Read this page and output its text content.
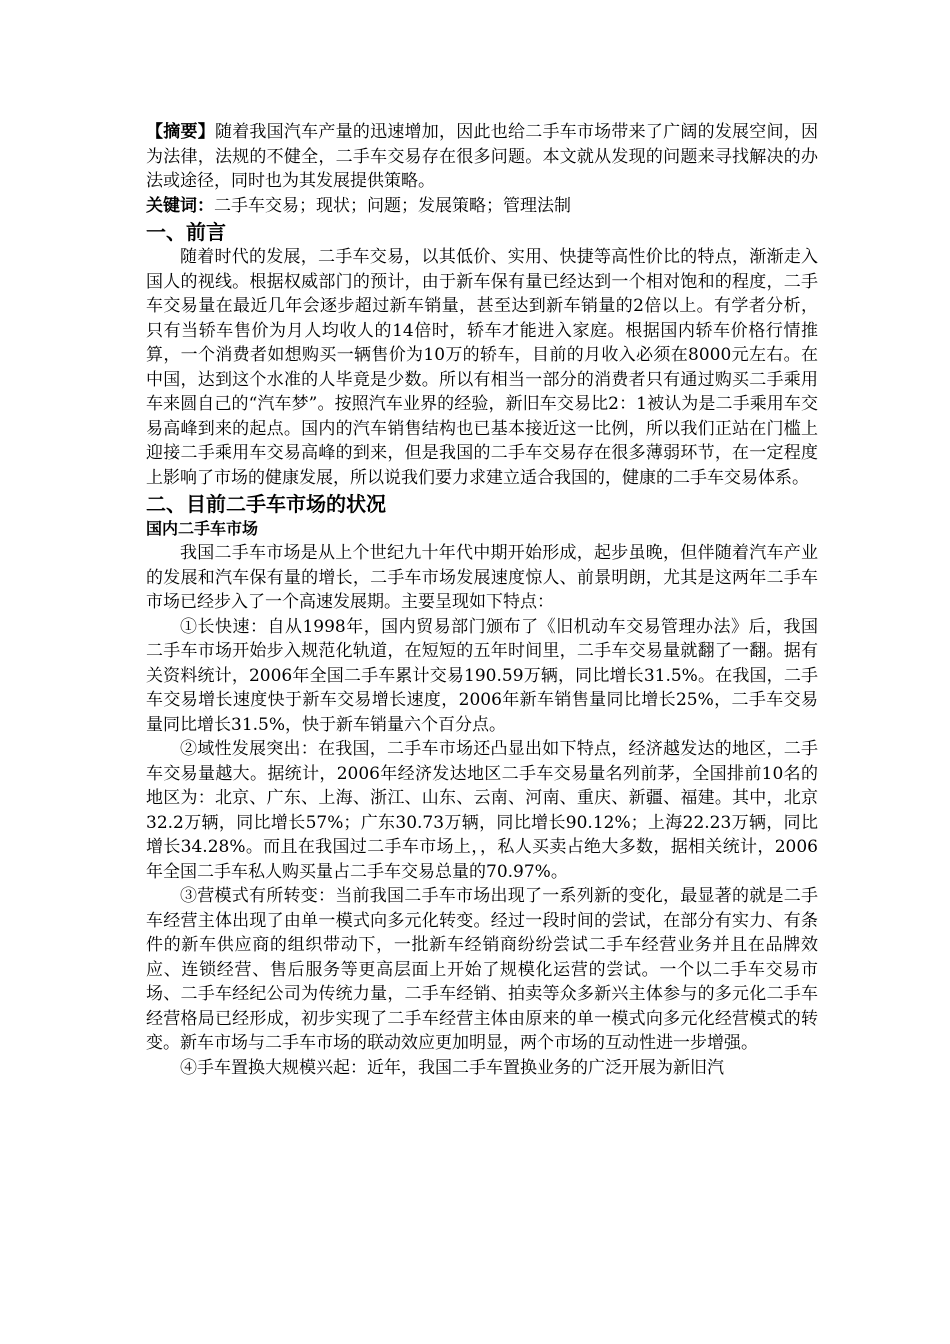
【摘要】随着我国汽车产量的迅速增加，因此也给二手车市场带来了广阔的发展空间，因为法律，法规的不健全，二手车交易存在很多问题。本文就从发现的问题来寻找解决的办法或途径，同时也为其发展提供策略。

关键词：二手车交易；现状；问题；发展策略；管理法制

一、前言

随着时代的发展，二手车交易，以其低价、实用、快捷等高性价比的特点，渐渐走入国人的视线。根据权威部门的预计，由于新车保有量已经达到一个相对饱和的程度，二手车交易量在最近几年会逐步超过新车销量，甚至达到新车销量的2倍以上。有学者分析，只有当轿车售价为月人均收人的14倍时，轿车才能进入家庭。根据国内轿车价格行情推算，一个消费者如想购买一辆售价为10万的轿车，目前的月收入必须在8000元左右。在中国，达到这个水准的人毕竟是少数。所以有相当一部分的消费者只有通过购买二手乘用车来圆自己的“汽车梦”。按照汽车业界的经验，新旧车交易比2：1被认为是二手乘用车交易高峰到来的起点。国内的汽车销售结构也已基本接近这一比例，所以我们正站在门槛上迎接二手乘用车交易高峰的到来，但是我国的二手车交易存在很多薄弱环节，在一定程度上影响了市场的健康发展，所以说我们要力求建立适合我国的，健康的二手车交易体系。

二、目前二手车市场的状况
国内二手车市场

我国二手车市场是从上个世纪九十年代中期开始形成，起步虽晚，但伴随着汽车产业的发展和汽车保有量的增长，二手车市场发展速度惊人、前景明朗，尤其是这两年二手车市场已经步入了一个高速发展期。主要呈现如下特点：

①长快速：自从1998年，国内贸易部门颁布了《旧机动车交易管理办法》后，我国二手车市场开始步入规范化轨道，在短短的五年时间里，二手车交易量就翻了一翻。据有关资料统计，2006年全国二手车累计交易190.59万辆，同比增长31.5%。在我国，二手车交易增长速度快于新车交易增长速度，2006年新车销售量同比增长25%，二手车交易量同比增长31.5%，快于新车销量六个百分点。

②域性发展突出：在我国，二手车市场还凸显出如下特点，经济越发达的地区，二手车交易量越大。据统计，2006年经济发达地区二手车交易量名列前茅，全国排前10名的地区为：北京、广东、上海、浙江、山东、云南、河南、重庆、新疆、福建。其中，北京32.2万辆，同比增长57%；广东30.73万辆，同比增长90.12%；上海22.23万辆，同比增长34.28%。而且在我国过二手车市场上，，私人买卖占绝大多数，据相关统计，2006年全国二手车私人购买量占二手车交易总量的70.97%。

③营模式有所转变：当前我国二手车市场出现了一系列新的变化，最显著的就是二手车经营主体出现了由单一模式向多元化转变。经过一段时间的尝试，在部分有实力、有条件的新车供应商的组织带动下，一批新车经销商纷纷尝试二手车经营业务并且在品牌效应、连锁经营、售后服务等更高层面上开始了规模化运营的尝试。一个以二手车交易市场、二手车经纪公司为传统力量，二手车经销、拍卖等众多新兴主体参与的多元化二手车经营格局已经形成，初步实现了二手车经营主体由原来的单一模式向多元化经营模式的转变。新车市场与二手车市场的联动效应更加明显，两个市场的互动性进一步增强。

④手车置换大规模兴起：近年，我国二手车置换业务的广泛开展为新旧汽
